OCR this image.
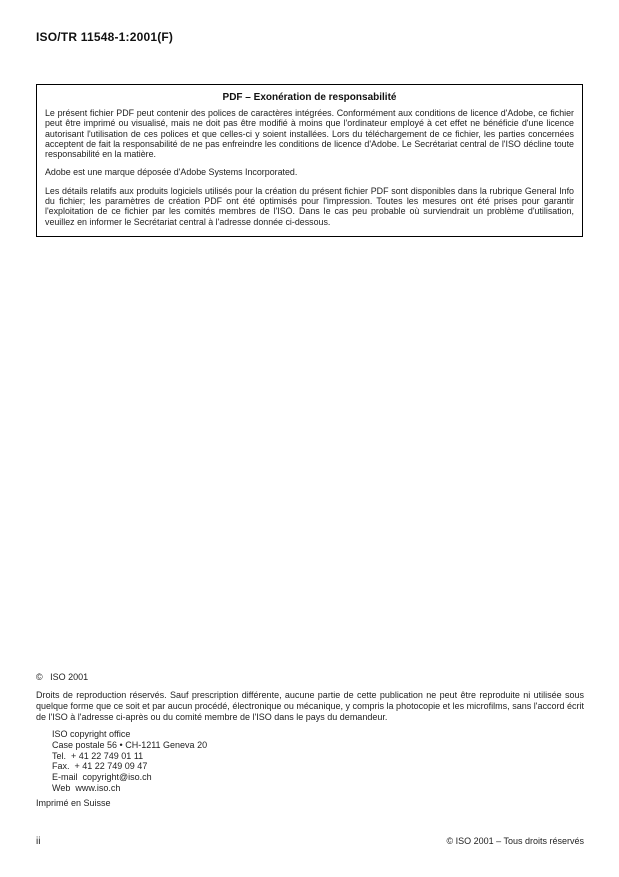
ISO/TR 11548-1:2001(F)
PDF – Exonération de responsabilité

Le présent fichier PDF peut contenir des polices de caractères intégrées. Conformément aux conditions de licence d'Adobe, ce fichier peut être imprimé ou visualisé, mais ne doit pas être modifié à moins que l'ordinateur employé à cet effet ne bénéficie d'une licence autorisant l'utilisation de ces polices et que celles-ci y soient installées. Lors du téléchargement de ce fichier, les parties concernées acceptent de fait la responsabilité de ne pas enfreindre les conditions de licence d'Adobe. Le Secrétariat central de l'ISO décline toute responsabilité en la matière.

Adobe est une marque déposée d'Adobe Systems Incorporated.

Les détails relatifs aux produits logiciels utilisés pour la création du présent fichier PDF sont disponibles dans la rubrique General Info du fichier; les paramètres de création PDF ont été optimisés pour l'impression. Toutes les mesures ont été prises pour garantir l'exploitation de ce fichier par les comités membres de l'ISO. Dans le cas peu probable où surviendrait un problème d'utilisation, veuillez en informer le Secrétariat central à l'adresse donnée ci-dessous.

©   ISO 2001

Droits de reproduction réservés. Sauf prescription différente, aucune partie de cette publication ne peut être reproduite ni utilisée sous quelque forme que ce soit et par aucun procédé, électronique ou mécanique, y compris la photocopie et les microfilms, sans l'accord écrit de l'ISO à l'adresse ci-après ou du comité membre de l'ISO dans le pays du demandeur.

ISO copyright office
Case postale 56 • CH-1211 Geneva 20
Tel.  + 41 22 749 01 11
Fax.  + 41 22 749 09 47
E-mail  copyright@iso.ch
Web  www.iso.ch
Imprimé en Suisse
ii	© ISO 2001 – Tous droits réservés
